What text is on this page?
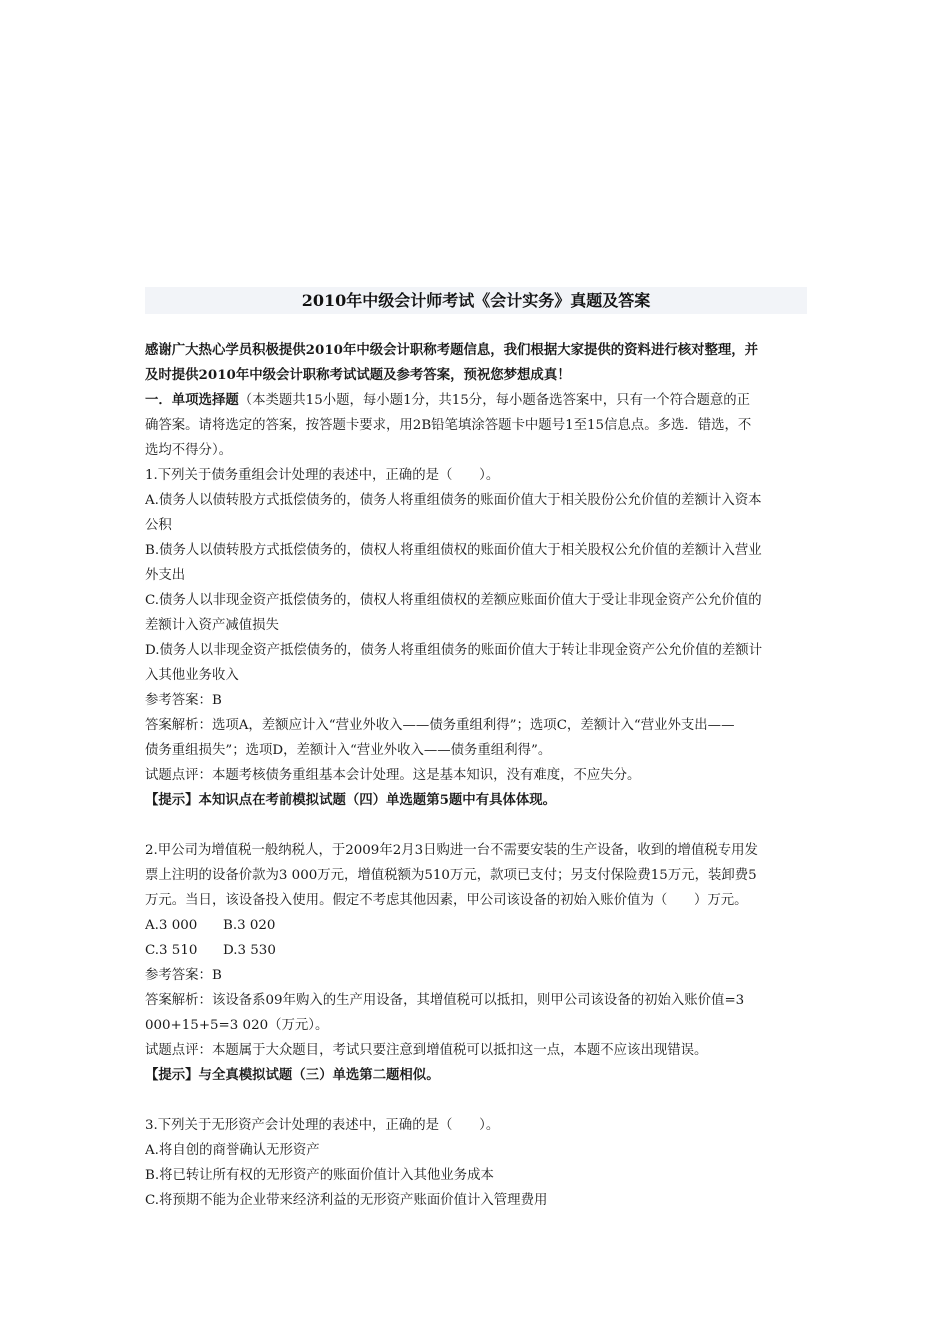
2010年中级会计师考试《会计实务》真题及答案
感谢广大热心学员积极提供2010年中级会计职称考题信息，我们根据大家提供的资料进行核对整理，并
及时提供2010年中级会计职称考试试题及参考答案，预祝您梦想成真！
一．单项选择题（本类题共15小题，每小题1分，共15分，每小题备选答案中，只有一个符合题意的正
确答案。请将选定的答案，按答题卡要求，用2B铅笔填涂答题卡中题号1至15信息点。多选．错选，不
选均不得分）。
1.下列关于债务重组会计处理的表述中，正确的是（　　）。
A.债务人以债转股方式抵偿债务的，债务人将重组债务的账面价值大于相关股份公允价值的差额计入资本
公积
B.债务人以债转股方式抵偿债务的，债权人将重组债权的账面价值大于相关股权公允价值的差额计入营业
外支出
C.债务人以非现金资产抵偿债务的，债权人将重组债权的差额应账面价值大于受让非现金资产公允价值的
差额计入资产减值损失
D.债务人以非现金资产抵偿债务的，债务人将重组债务的账面价值大于转让非现金资产公允价值的差额计
入其他业务收入
参考答案：B
答案解析：选项A，差额应计入“营业外收入——债务重组利得”；选项C，差额计入“营业外支出——
债务重组损失”；选项D，差额计入“营业外收入——债务重组利得”。
试题点评：本题考核债务重组基本会计处理。这是基本知识，没有难度，不应失分。
【提示】本知识点在考前模拟试题（四）单选题第5题中有具体体现。
2.甲公司为增值税一般纳税人，于2009年2月3日购进一台不需要安装的生产设备，收到的增值税专用发
票上注明的设备价款为3 000万元，增值税额为510万元，款项已支付；另支付保险费15万元，装卸费5
万元。当日，该设备投入使用。假定不考虑其他因素，甲公司该设备的初始入账价值为（　　）万元。
A.3 000 B.3 020
C.3 510 D.3 530
参考答案：B
答案解析：该设备系09年购入的生产用设备，其增值税可以抵扣，则甲公司该设备的初始入账价值=3
000+15+5=3 020（万元）。
试题点评：本题属于大众题目，考试只要注意到增值税可以抵扣这一点，本题不应该出现错误。
【提示】与全真模拟试题（三）单选第二题相似。
3.下列关于无形资产会计处理的表述中，正确的是（　　）。
A.将自创的商誉确认无形资产
B.将已转让所有权的无形资产的账面价值计入其他业务成本
C.将预期不能为企业带来经济利益的无形资产账面价值计入管理费用
